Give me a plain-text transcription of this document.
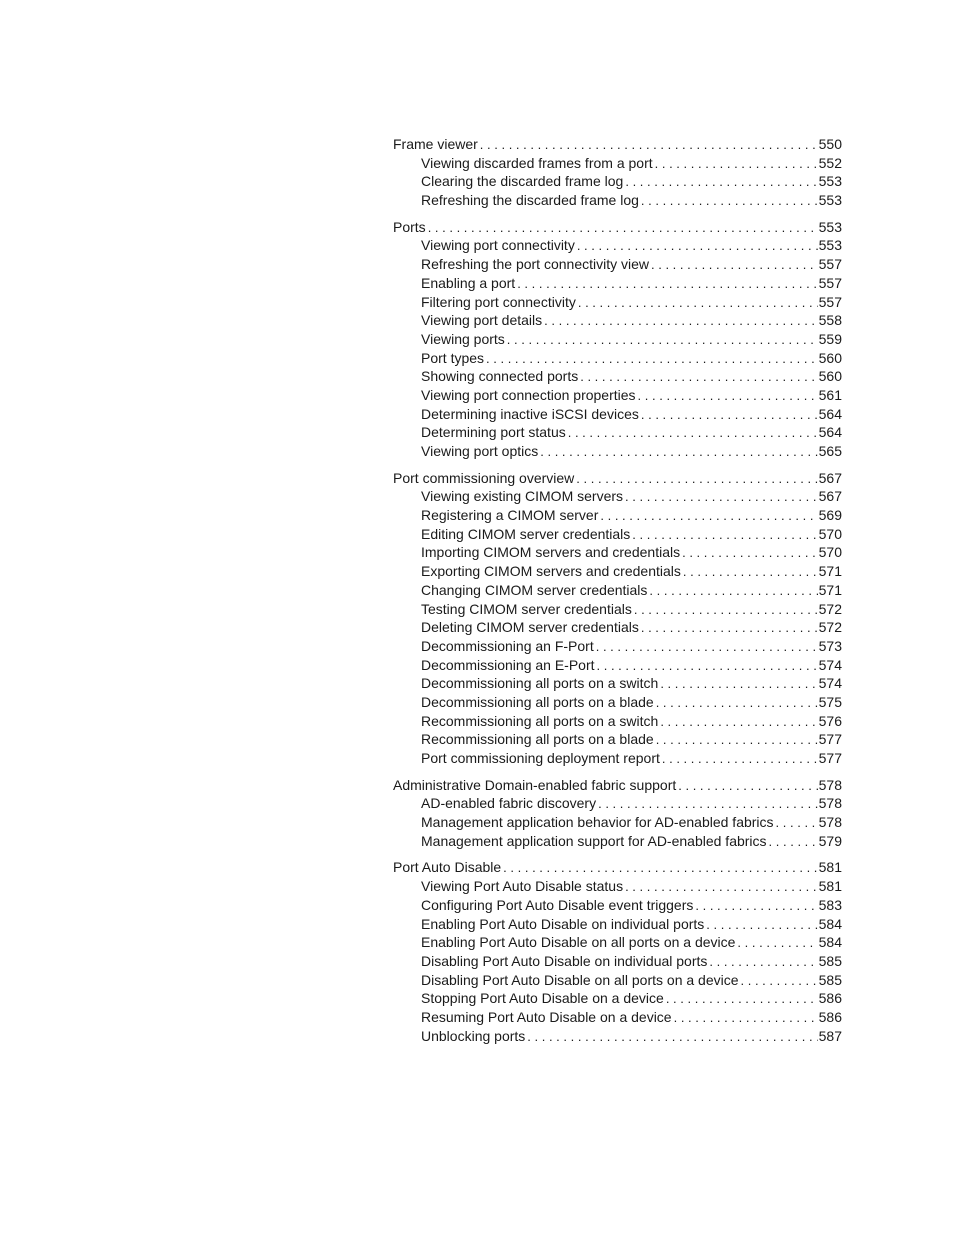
Frame viewer . . .	550
Viewing discarded frames from a port . . .	552
Clearing the discarded frame log . . .	553
Refreshing the discarded frame log . . .	553
Ports . . .	553
Viewing port connectivity . . .	553
Refreshing the port connectivity view . . .	557
Enabling a port . . .	557
Filtering port connectivity . . .	557
Viewing port details . . .	558
Viewing ports . . .	559
Port types . . .	560
Showing connected ports . . .	560
Viewing port connection properties . . .	561
Determining inactive iSCSI devices . . .	564
Determining port status . . .	564
Viewing port optics . . .	565
Port commissioning overview . . .	567
Viewing existing CIMOM servers . . .	567
Registering a CIMOM server . . .	569
Editing CIMOM server credentials . . .	570
Importing CIMOM servers and credentials . . .	570
Exporting CIMOM servers and credentials . . .	571
Changing CIMOM server credentials . . .	571
Testing CIMOM server credentials . . .	572
Deleting CIMOM server credentials . . .	572
Decommissioning an F-Port . . .	573
Decommissioning an E-Port . . .	574
Decommissioning all ports on a switch . . .	574
Decommissioning all ports on a blade . . .	575
Recommissioning all ports on a switch . . .	576
Recommissioning all ports on a blade . . .	577
Port commissioning deployment report . . .	577
Administrative Domain-enabled fabric support . . .	578
AD-enabled fabric discovery . . .	578
Management application behavior for AD-enabled fabrics . . .	578
Management application support for AD-enabled fabrics . . .	579
Port Auto Disable . . .	581
Viewing Port Auto Disable status . . .	581
Configuring Port Auto Disable event triggers . . .	583
Enabling Port Auto Disable on individual ports . . .	584
Enabling Port Auto Disable on all ports on a device . . .	584
Disabling Port Auto Disable on individual ports . . .	585
Disabling Port Auto Disable on all ports on a device . . .	585
Stopping Port Auto Disable on a device . . .	586
Resuming Port Auto Disable on a device . . .	586
Unblocking ports . . .	587
